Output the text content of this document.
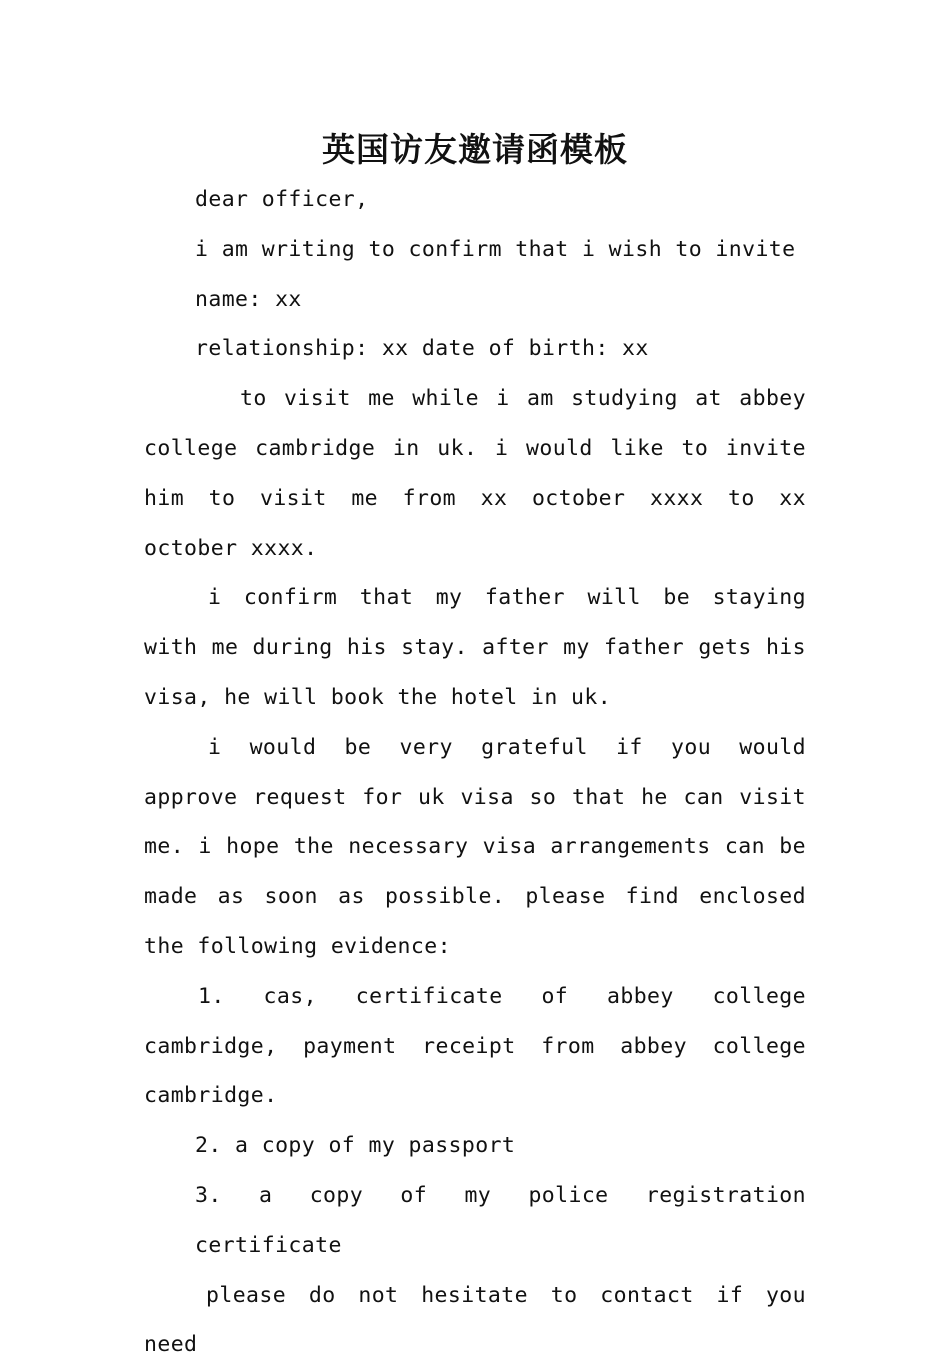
英国访友邀请函模板

dear officer,

i am writing to confirm that i wish to invite

name: xx

relationship: xx date of birth: xx

to visit me while i am studying at abbey college cambridge in uk. i would like to invite him to visit me from xx october xxxx to xx october xxxx.

i confirm that my father will be staying with me during his stay. after my father gets his visa, he will book the hotel in uk.

i would be very grateful if you would approve request for uk visa so that he can visit me. i hope the necessary visa arrangements can be made as soon as possible. please find enclosed the following evidence:

1. cas, certificate of abbey college cambridge, payment receipt from abbey college cambridge.

2. a copy of my passport

3. a copy of my police registration certificate

please do not hesitate to contact if you need
